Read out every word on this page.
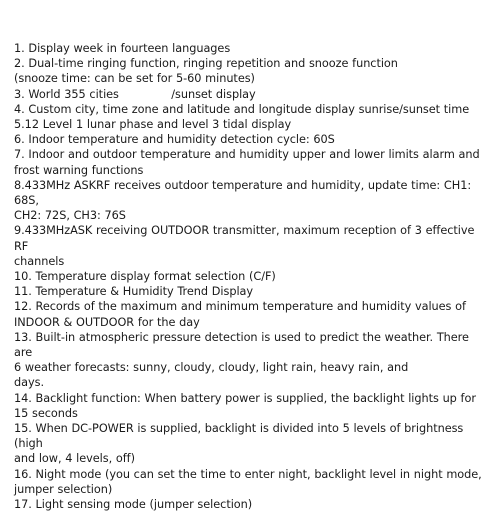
1. Display week in fourteen languages
2. Dual-time ringing function, ringing repetition and snooze function
(snooze time: can be set for 5-60 minutes)
3. World 355 cities              /sunset display
4. Custom city, time zone and latitude and longitude display sunrise/sunset time
5.12 Level 1 lunar phase and level 3 tidal display
6. Indoor temperature and humidity detection cycle: 60S
7. Indoor and outdoor temperature and humidity upper and lower limits alarm and
frost warning functions
8.433MHz ASKRF receives outdoor temperature and humidity, update time: CH1: 68S,
CH2: 72S, CH3: 76S
9.433MHzASK receiving OUTDOOR transmitter, maximum reception of 3 effective RF
channels
10. Temperature display format selection (C/F)
11. Temperature & Humidity Trend Display
12. Records of the maximum and minimum temperature and humidity values of
INDOOR & OUTDOOR for the day
13. Built-in atmospheric pressure detection is used to predict the weather. There are
6 weather forecasts: sunny, cloudy, cloudy, light rain, heavy rain, and              days.
14. Backlight function: When battery power is supplied, the backlight lights up for
15 seconds
15. When DC-POWER is supplied, backlight is divided into 5 levels of brightness (high
and low, 4 levels, off)
16. Night mode (you can set the time to enter night, backlight level in night mode,
jumper selection)
17. Light sensing mode (jumper selection)
